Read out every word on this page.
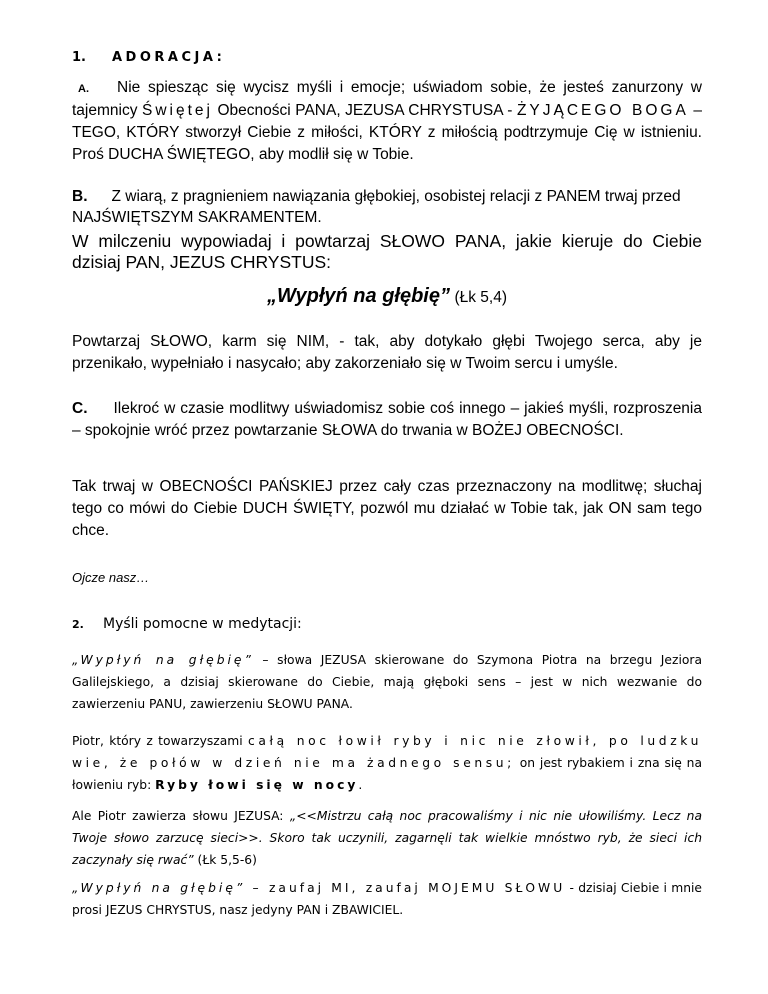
1. ADORACJA:

A. Nie spiesząc się wycisz myśli i emocje; uświadom sobie, że jesteś zanurzony w tajemnicy Świętej Obecności PANA, JEZUSA CHRYSTUSA - ŻYJĄCEGO BOGA – TEGO, KTÓRY stworzył Ciebie z miłości, KTÓRY z miłością podtrzymuje Cię w istnieniu. Proś DUCHA ŚWIĘTEGO, aby modlił się w Tobie.

B. Z wiarą, z pragnieniem nawiązania głębokiej, osobistej relacji z PANEM trwaj przed NAJŚWIĘTSZYM SAKRAMENTEM.

W milczeniu wypowiadaj i powtarzaj SŁOWO PANA, jakie kieruje do Ciebie dzisiaj PAN, JEZUS CHRYSTUS:

„Wypłyń na głębię” (Łk 5,4)

Powtarzaj SŁOWO, karm się NIM, - tak, aby dotykało głębi Twojego serca, aby je przenikało, wypełniało i nasycało; aby zakorzeniało się w Twoim sercu i umyśle.

C. Ilekroć w czasie modlitwy uświadomisz sobie coś innego – jakieś myśli, rozproszenia – spokojnie wróć przez powtarzanie SŁOWA do trwania w BOŻEJ OBECNOŚCI.

Tak trwaj w OBECNOŚCI PAŃSKIEJ przez cały czas przeznaczony na modlitwę; słuchaj tego co mówi do Ciebie DUCH ŚWIĘTY, pozwól mu działać w Tobie tak, jak ON sam tego chce.

Ojcze nasz…

2. Myśli pomocne w medytacji:

„Wypłyń na głębię” – słowa JEZUSA skierowane do Szymona Piotra na brzegu Jeziora Galilejskiego, a dzisiaj skierowane do Ciebie, mają głęboki sens – jest w nich wezwanie do zawierzeniu PANU, zawierzeniu SŁOWU PANA.

Piotr, który z towarzyszami całą noc łowił ryby i nic nie złowił, po ludzku wie, że połów w dzień nie ma żadnego sensu; on jest rybakiem i zna się na łowieniu ryb: Ryby łowi się w nocy.

Ale Piotr zawierza słowu JEZUSA: „<<Mistrzu całą noc pracowaliśmy i nic nie ułowiliśmy. Lecz na Twoje słowo zarzucę sieci>>. Skoro tak uczynili, zagarnęli tak wielkie mnóstwo ryb, że sieci ich zaczynały się rwać” (Łk 5,5-6)

„Wypłyń na głębię” – zaufaj MI, zaufaj MOJEMU SŁOWU - dzisiaj Ciebie i mnie prosi JEZUS CHRYSTUS, nasz jedyny PAN i ZBAWICIEL.
